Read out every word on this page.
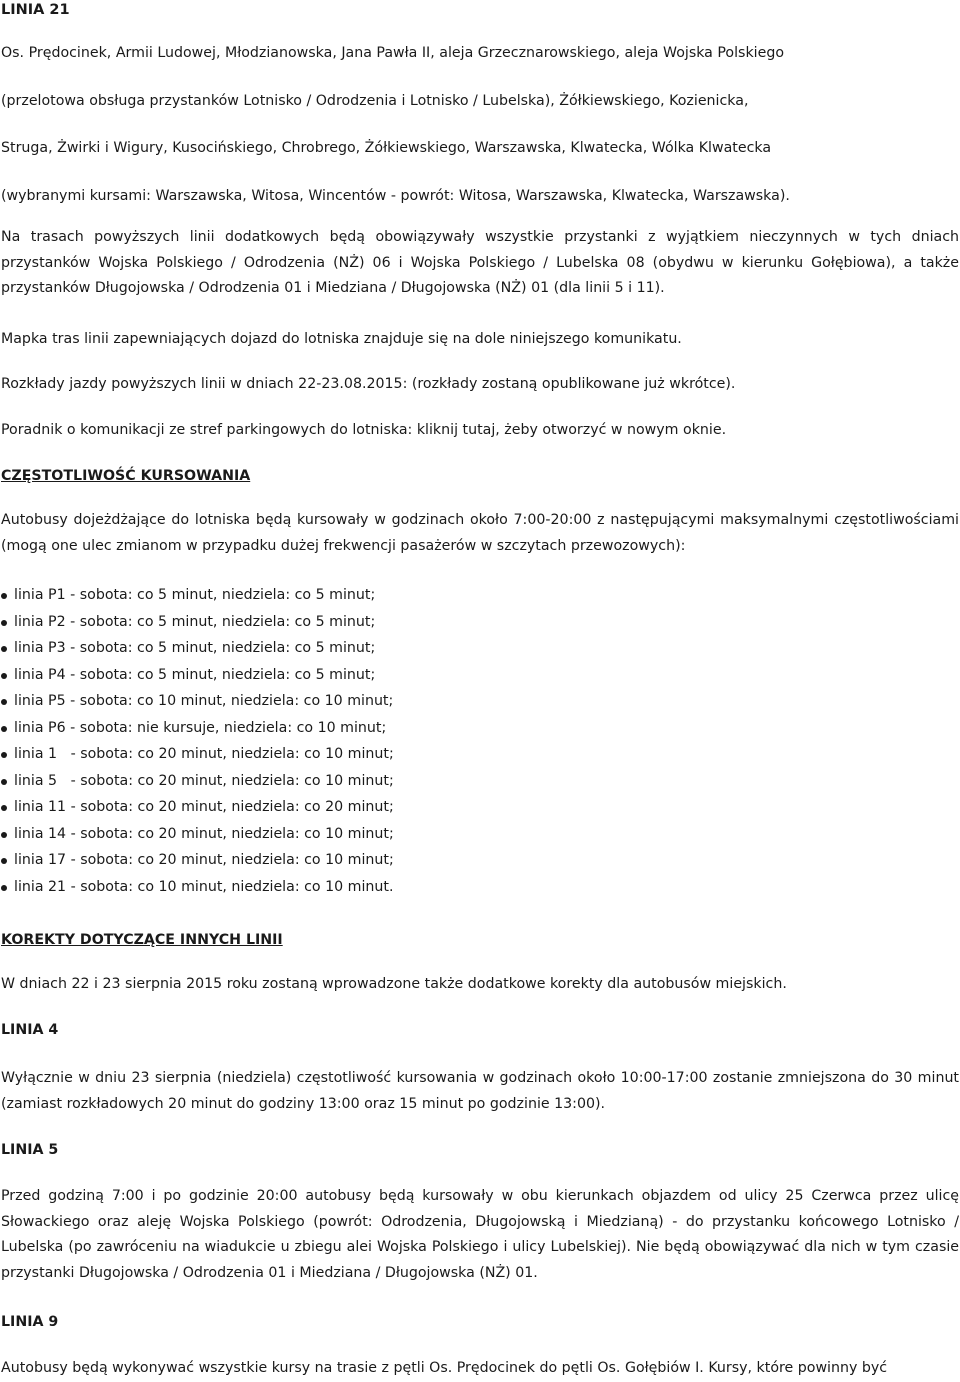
LINIA 21

Os. Prędocinek, Armii Ludowej, Młodzianowska, Jana Pawła II, aleja Grzecznarowskiego, aleja Wojska Polskiego

(przelotowa obsługa przystanków Lotnisko / Odrodzenia i Lotnisko / Lubelska), Żółkiewskiego, Kozienicka,

Struga, Żwirki i Wigury, Kusocińskiego, Chrobrego, Żółkiewskiego, Warszawska, Klwatecka, Wólka Klwatecka

(wybranymi kursami: Warszawska, Witosa, Wincentów - powrót: Witosa, Warszawska, Klwatecka, Warszawska).

Na trasach powyższych linii dodatkowych będą obowiązywały wszystkie przystanki z wyjątkiem nieczynnych w tych dniach przystanków Wojska Polskiego / Odrodzenia (NŻ) 06 i Wojska Polskiego / Lubelska 08 (obydwu w kierunku Gołębiowa), a także przystanków Długojowska / Odrodzenia 01 i Miedziana / Długojowska (NŻ) 01 (dla linii 5 i 11).

Mapka tras linii zapewniających dojazd do lotniska znajduje się na dole niniejszego komunikatu.

Rozkłady jazdy powyższych linii w dniach 22-23.08.2015: (rozkłady zostaną opublikowane już wkrótce).

Poradnik o komunikacji ze stref parkingowych do lotniska: kliknij tutaj, żeby otworzyć w nowym oknie.

CZĘSTOTLIWOŚĆ KURSOWANIA

Autobusy dojeżdżające do lotniska będą kursowały w godzinach około 7:00-20:00 z następującymi maksymalnymi częstotliwościami (mogą one ulec zmianom w przypadku dużej frekwencji pasażerów w szczytach przewozowych):

linia P1 - sobota: co 5 minut, niedziela: co 5 minut;
linia P2 - sobota: co 5 minut, niedziela: co 5 minut;
linia P3 - sobota: co 5 minut, niedziela: co 5 minut;
linia P4 - sobota: co 5 minut, niedziela: co 5 minut;
linia P5 - sobota: co 10 minut, niedziela: co 10 minut;
linia P6 - sobota: nie kursuje, niedziela: co 10 minut;
linia 1   - sobota: co 20 minut, niedziela: co 10 minut;
linia 5   - sobota: co 20 minut, niedziela: co 10 minut;
linia 11 - sobota: co 20 minut, niedziela: co 20 minut;
linia 14 - sobota: co 20 minut, niedziela: co 10 minut;
linia 17 - sobota: co 20 minut, niedziela: co 10 minut;
linia 21 - sobota: co 10 minut, niedziela: co 10 minut.

KOREKTY DOTYCZĄCE INNYCH LINII

W dniach 22 i 23 sierpnia 2015 roku zostaną wprowadzone także dodatkowe korekty dla autobusów miejskich.

LINIA 4

Wyłącznie w dniu 23 sierpnia (niedziela) częstotliwość kursowania w godzinach około 10:00-17:00 zostanie zmniejszona do 30 minut (zamiast rozkładowych 20 minut do godziny 13:00 oraz 15 minut po godzinie 13:00).

LINIA 5

Przed godziną 7:00 i po godzinie 20:00 autobusy będą kursowały w obu kierunkach objazdem od ulicy 25 Czerwca przez ulicę Słowackiego oraz aleję Wojska Polskiego (powrót: Odrodzenia, Długojowską i Miedzianą) - do przystanku końcowego Lotnisko / Lubelska (po zawróceniu na wiadukcie u zbiegu alei Wojska Polskiego i ulicy Lubelskiej). Nie będą obowiązywać dla nich w tym czasie przystanki Długojowska / Odrodzenia 01 i Miedziana / Długojowska (NŻ) 01.

LINIA 9

Autobusy będą wykonywać wszystkie kursy na trasie z pętli Os. Prędocinek do pętli Os. Gołębiów I. Kursy, które powinny być
